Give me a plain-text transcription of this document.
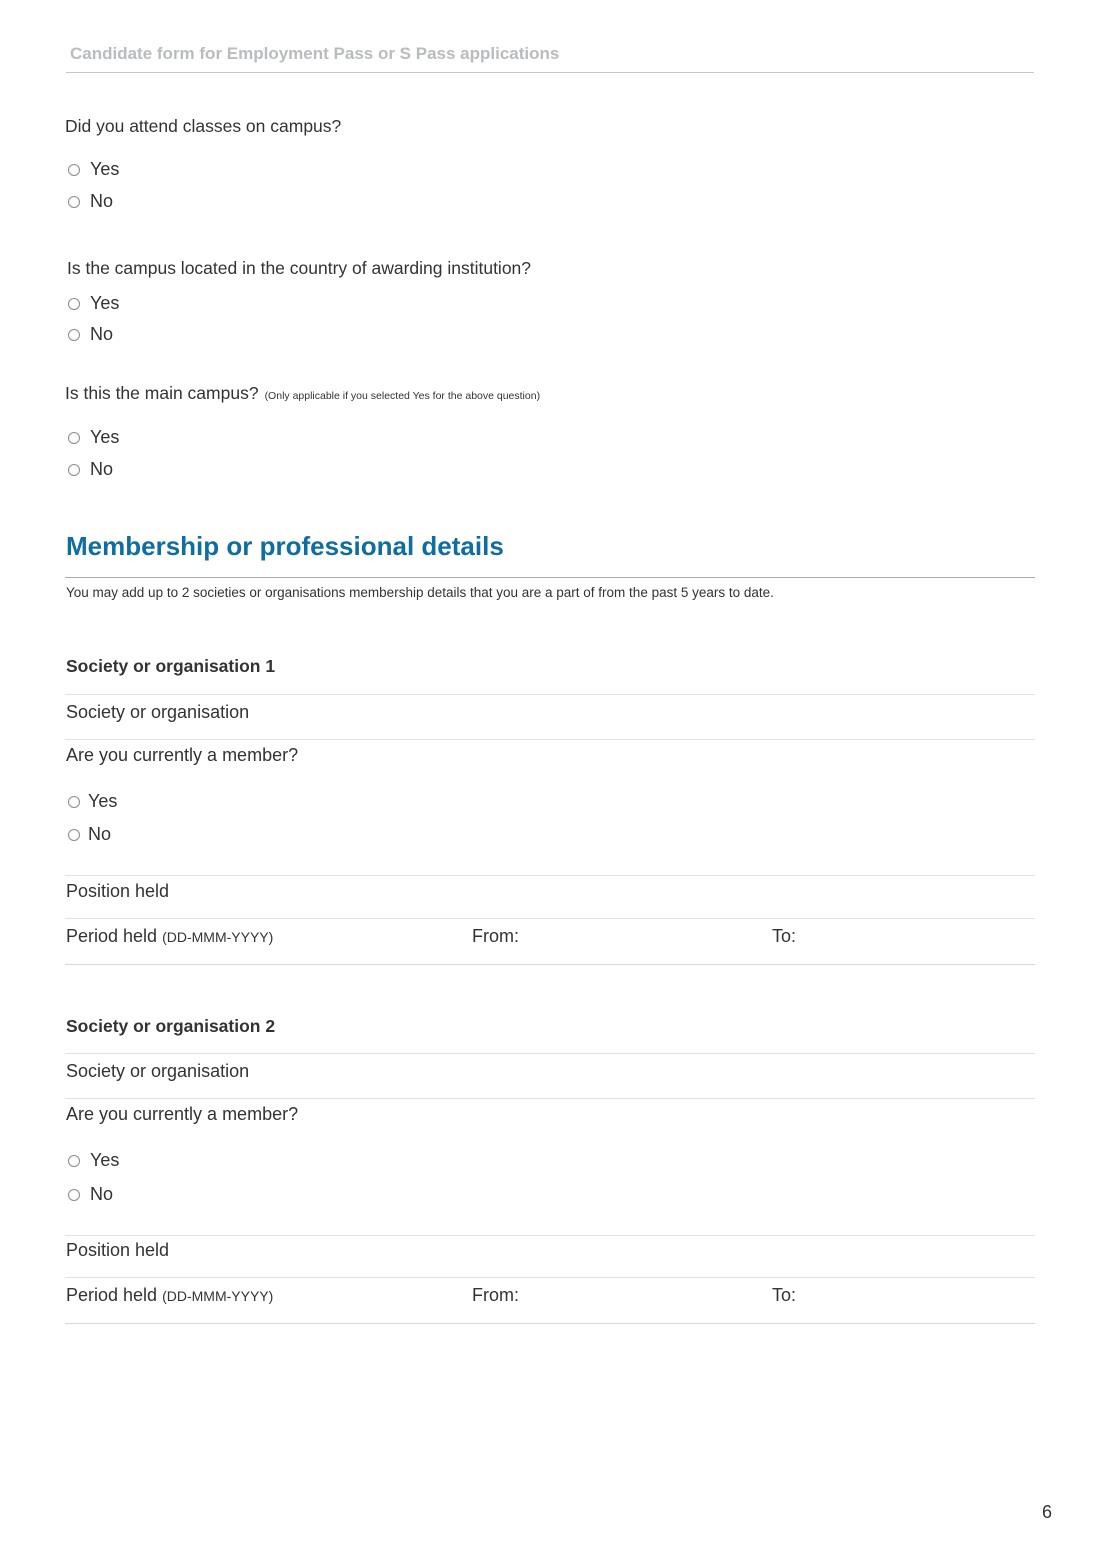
Candidate form for Employment Pass or S Pass applications
Did you attend classes on campus?
Yes
No
Is the campus located in the country of awarding institution?
Yes
No
Is this the main campus? (Only applicable if you selected Yes for the above question)
Yes
No
Membership or professional details
You may add up to 2 societies or organisations membership details that you are a part of from the past 5 years to date.
Society or organisation 1
Society or organisation
Are you currently a member?
Yes
No
Position held
Period held (DD-MMM-YYYY)	From:	To:
Society or organisation 2
Society or organisation
Are you currently a member?
Yes
No
Position held
Period held (DD-MMM-YYYY)	From:	To:
6
